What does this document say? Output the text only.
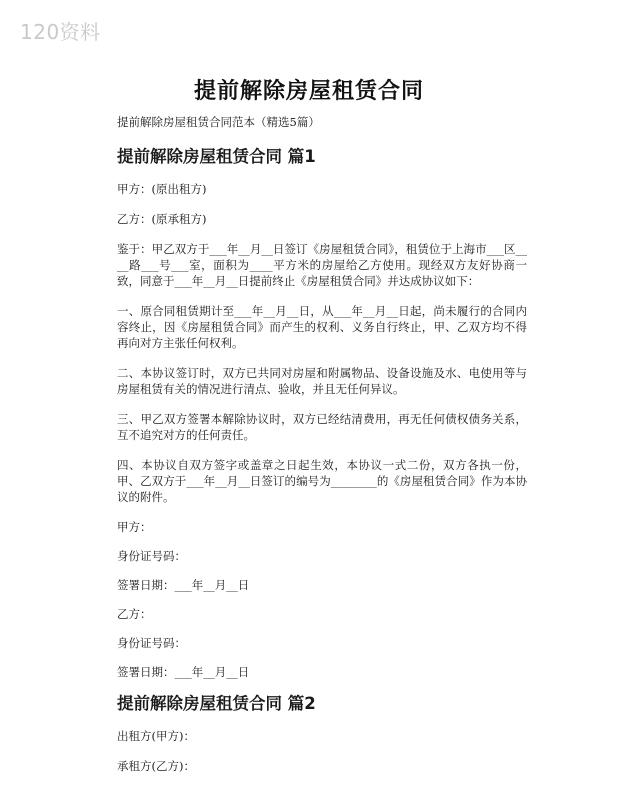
120资料
提前解除房屋租赁合同
提前解除房屋租赁合同范本（精选5篇）
提前解除房屋租赁合同 篇1
甲方：(原出租方)
乙方：(原承租方)
鉴于：甲乙双方于___年__月__日签订《房屋租赁合同》，租赁位于上海市___区____路___号___室，面积为____平方米的房屋给乙方使用。现经双方友好协商一致，同意于___年__月__日提前终止《房屋租赁合同》并达成协议如下：
一、原合同租赁期计至___年__月__日，从___年__月__日起，尚未履行的合同内容终止，因《房屋租赁合同》而产生的权利、义务自行终止，甲、乙双方均不得再向对方主张任何权利。
二、本协议签订时，双方已共同对房屋和附属物品、设备设施及水、电使用等与房屋租赁有关的情况进行清点、验收，并且无任何异议。
三、甲乙双方签署本解除协议时，双方已经结清费用，再无任何债权债务关系，互不追究对方的任何责任。
四、本协议自双方签字或盖章之日起生效，本协议一式二份，双方各执一份，甲、乙双方于___年__月__日签订的编号为________的《房屋租赁合同》作为本协议的附件。
甲方：
身份证号码：
签署日期：___年__月__日
乙方：
身份证号码：
签署日期：___年__月__日
提前解除房屋租赁合同 篇2
出租方(甲方)：
承租方(乙方)：
